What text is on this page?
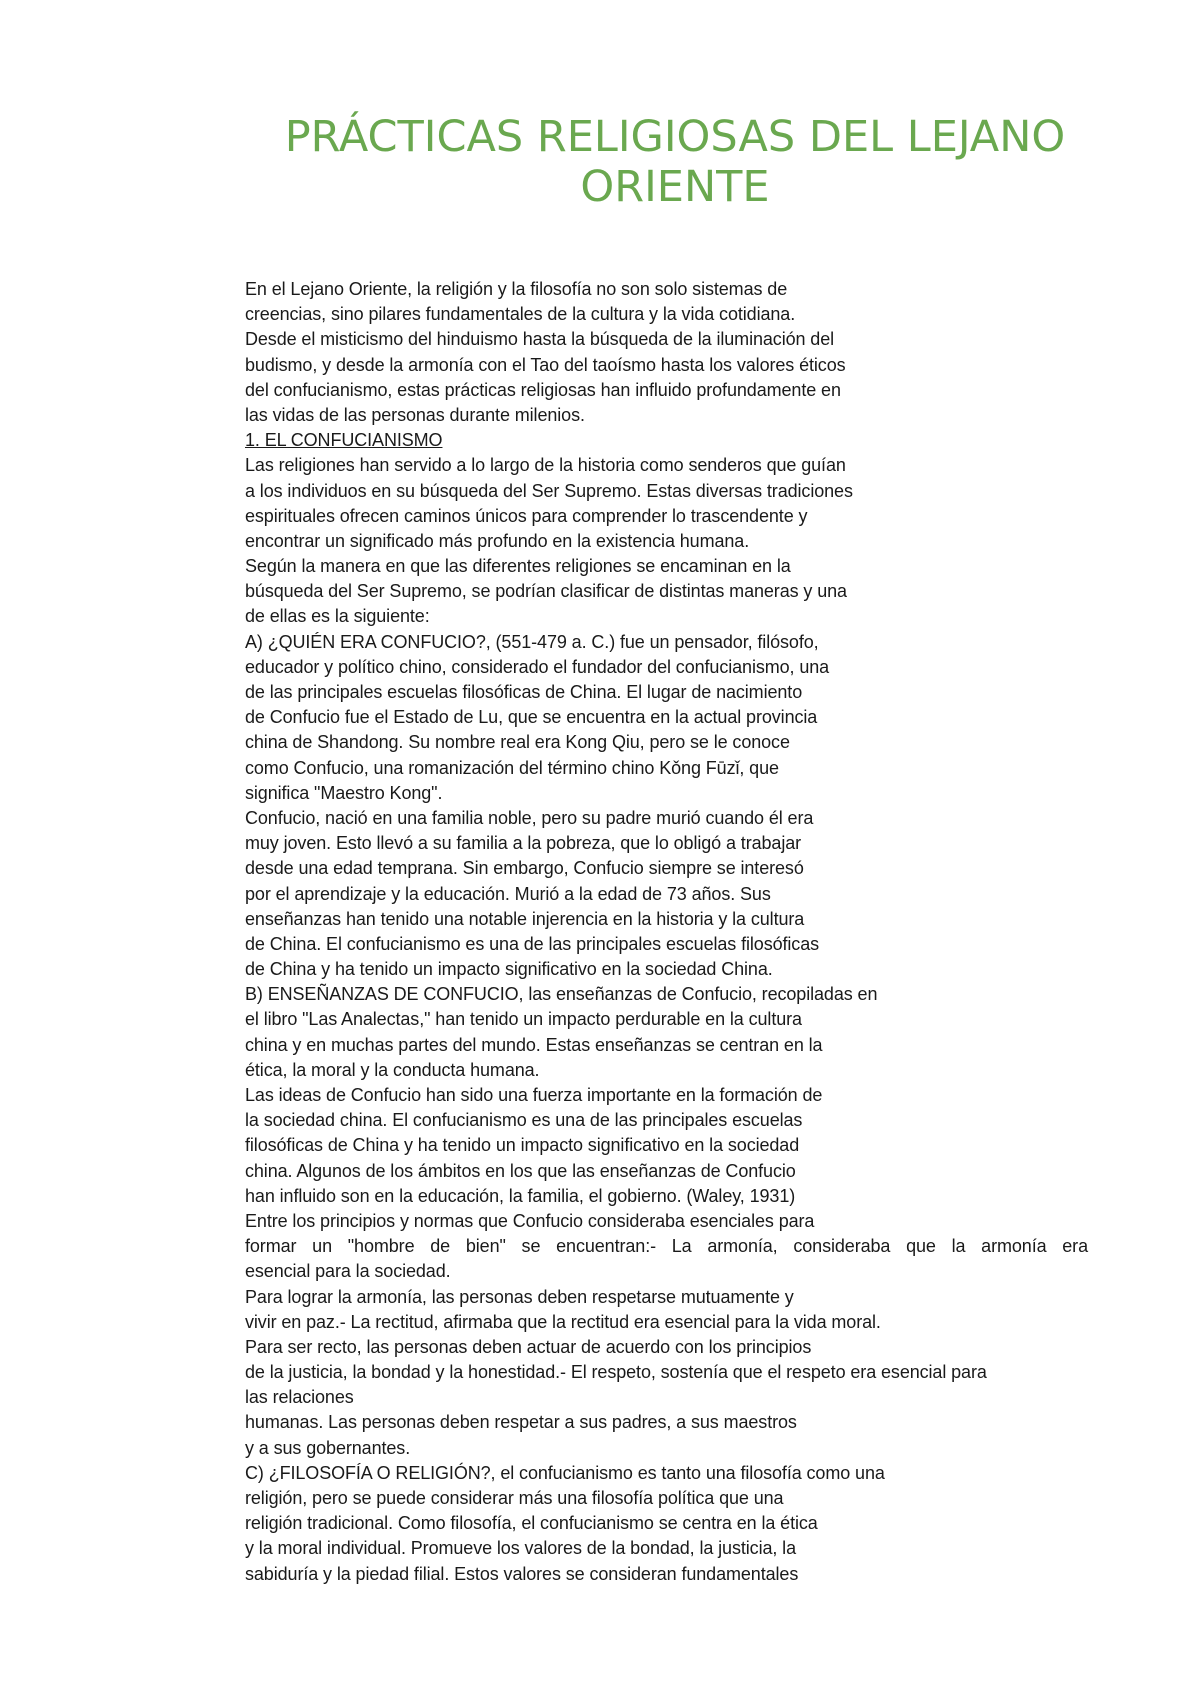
PRÁCTICAS RELIGIOSAS DEL LEJANO
ORIENTE
En el Lejano Oriente, la religión y la filosofía no son solo sistemas de
creencias, sino pilares fundamentales de la cultura y la vida cotidiana.
Desde el misticismo del hinduismo hasta la búsqueda de la iluminación del
budismo, y desde la armonía con el Tao del taoísmo hasta los valores éticos
del confucianismo, estas prácticas religiosas han influido profundamente en
las vidas de las personas durante milenios.
1. EL CONFUCIANISMO
Las religiones han servido a lo largo de la historia como senderos que guían
a los individuos en su búsqueda del Ser Supremo. Estas diversas tradiciones
espirituales ofrecen caminos únicos para comprender lo trascendente y
encontrar un significado más profundo en la existencia humana.
Según la manera en que las diferentes religiones se encaminan en la
búsqueda del Ser Supremo, se podrían clasificar de distintas maneras y una
de ellas es la siguiente:
A) ¿QUIÉN ERA CONFUCIO?, (551-479 a. C.) fue un pensador, filósofo,
educador y político chino, considerado el fundador del confucianismo, una
de las principales escuelas filosóficas de China. El lugar de nacimiento
de Confucio fue el Estado de Lu, que se encuentra en la actual provincia
china de Shandong. Su nombre real era Kong Qiu, pero se le conoce
como Confucio, una romanización del término chino Kǒng Fūzǐ, que
significa "Maestro Kong".
Confucio, nació en una familia noble, pero su padre murió cuando él era
muy joven. Esto llevó a su familia a la pobreza, que lo obligó a trabajar
desde una edad temprana. Sin embargo, Confucio siempre se interesó
por el aprendizaje y la educación. Murió a la edad de 73 años. Sus
enseñanzas han tenido una notable injerencia en la historia y la cultura
de China. El confucianismo es una de las principales escuelas filosóficas
de China y ha tenido un impacto significativo en la sociedad China.
B) ENSEÑANZAS DE CONFUCIO, las enseñanzas de Confucio, recopiladas en
el libro "Las Analectas," han tenido un impacto perdurable en la cultura
china y en muchas partes del mundo. Estas enseñanzas se centran en la
ética, la moral y la conducta humana.
Las ideas de Confucio han sido una fuerza importante en la formación de
la sociedad china. El confucianismo es una de las principales escuelas
filosóficas de China y ha tenido un impacto significativo en la sociedad
china. Algunos de los ámbitos en los que las enseñanzas de Confucio
han influido son en la educación, la familia, el gobierno. (Waley, 1931)
Entre los principios y normas que Confucio consideraba esenciales para
formar un "hombre de bien" se encuentran:- La armonía, consideraba que la armonía era
esencial para la sociedad.
Para lograr la armonía, las personas deben respetarse mutuamente y
vivir en paz.- La rectitud, afirmaba que la rectitud era esencial para la vida moral.
Para ser recto, las personas deben actuar de acuerdo con los principios
de la justicia, la bondad y la honestidad.- El respeto, sostenía que el respeto era esencial para
las relaciones
humanas. Las personas deben respetar a sus padres, a sus maestros
y a sus gobernantes.
C) ¿FILOSOFÍA O RELIGIÓN?, el confucianismo es tanto una filosofía como una
religión, pero se puede considerar más una filosofía política que una
religión tradicional. Como filosofía, el confucianismo se centra en la ética
y la moral individual. Promueve los valores de la bondad, la justicia, la
sabiduría y la piedad filial. Estos valores se consideran fundamentales
